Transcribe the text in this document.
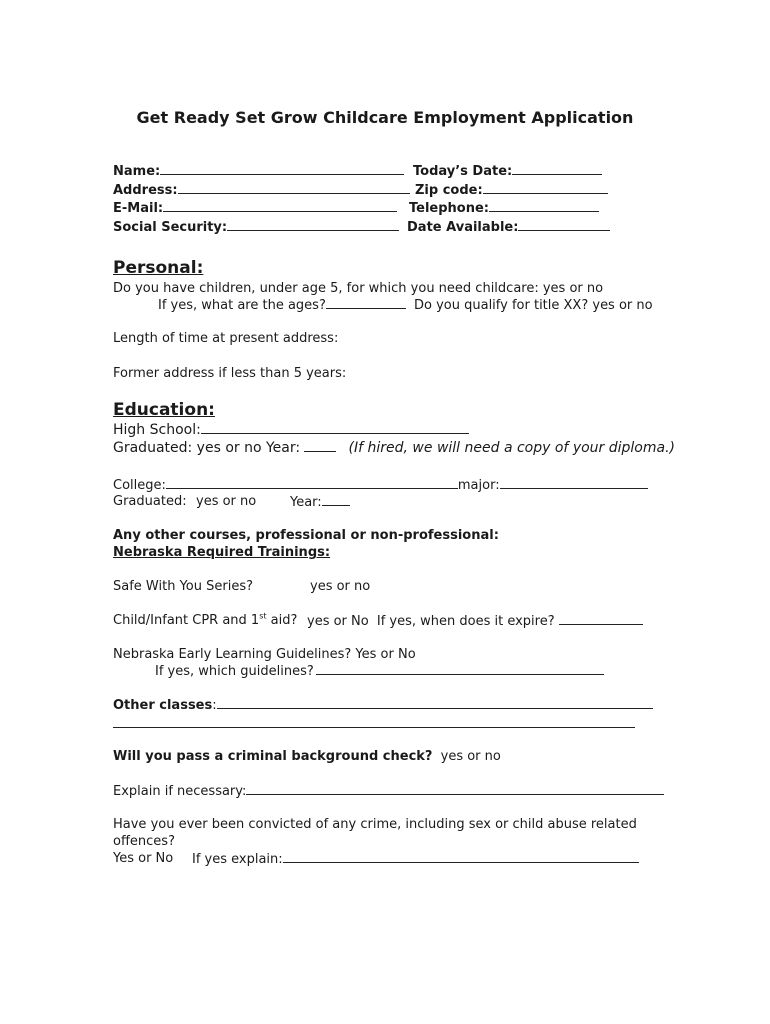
Get Ready Set Grow Childcare Employment Application
Name:	Today’s Date:
Address:	Zip code:
E-Mail:	Telephone:
Social Security:	Date Available:
Personal:
Do you have children, under age 5, for which you need childcare: yes or no
If yes, what are the ages?	Do you qualify for title XX? yes or no
Length of time at present address:
Former address if less than 5 years:
Education:
High School:
Graduated: yes or no Year:	(If hired, we will need a copy of your diploma.)
College:	major:
Graduated: yes or no	Year:
Any other courses, professional or non-professional:
Nebraska Required Trainings:
Safe With You Series?	yes or no
Child/Infant CPR and 1st aid? yes or No If yes, when does it expire?
Nebraska Early Learning Guidelines? Yes or No
If yes, which guidelines?
Other classes:
Will you pass a criminal background check? yes or no
Explain if necessary:
Have you ever been convicted of any crime, including sex or child abuse related
offences?
Yes or No If yes explain:
